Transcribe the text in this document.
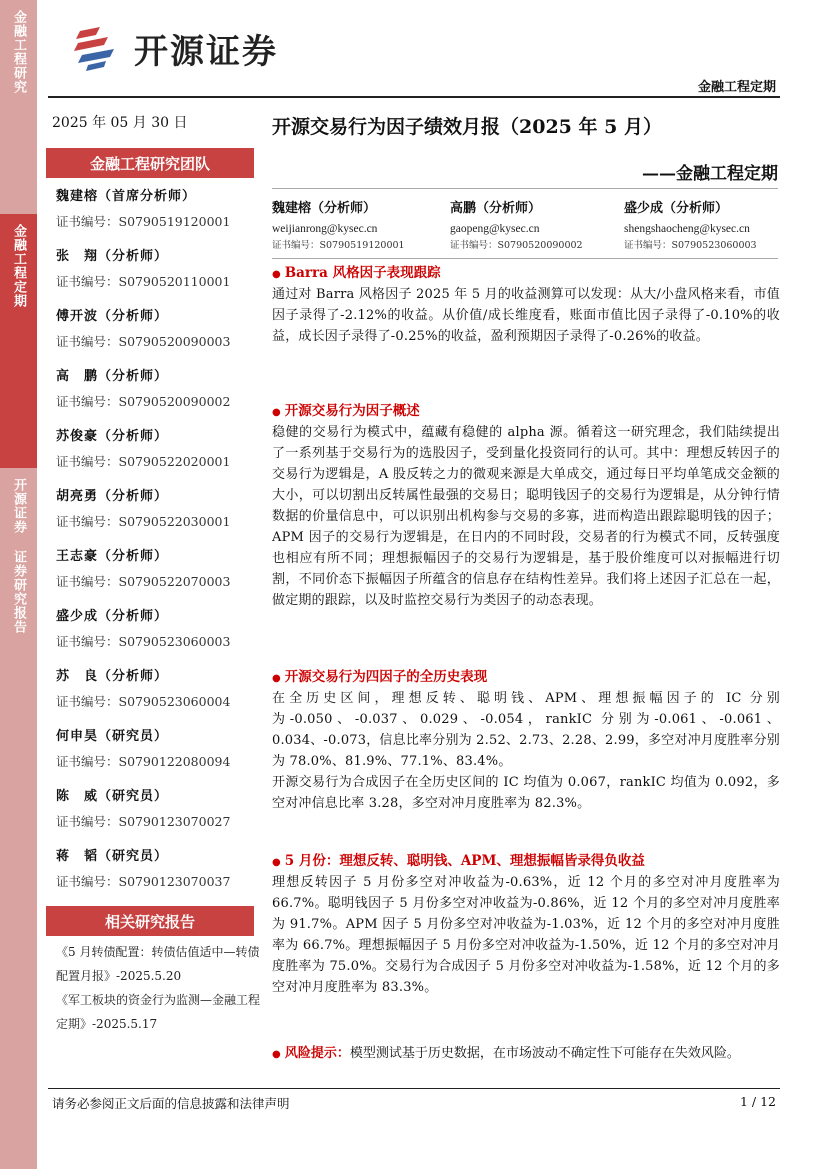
金融工程研究
金融工程定期
开源证券 证券研究报告
开源证券
金融工程定期
2025 年 05 月 30 日	开源交易行为因子绩效月报（2025 年 5 月）
——金融工程定期
金融工程研究团队
魏建榕（首席分析师）
证书编号：S0790519120001
张　翔（分析师）
证书编号：S0790520110001
傅开波（分析师）
证书编号：S0790520090003
高　鹏（分析师）
证书编号：S0790520090002
苏俊豪（分析师）
证书编号：S0790522020001
胡亮勇（分析师）
证书编号：S0790522030001
王志豪（分析师）
证书编号：S0790522070003
盛少成（分析师）
证书编号：S0790523060003
苏　良（分析师）
证书编号：S0790523060004
何申昊（研究员）
证书编号：S0790122080094
陈　威（研究员）
证书编号：S0790123070027
蒋　韬（研究员）
证书编号：S0790123070037
相关研究报告
《5 月转债配置：转债估值适中—转债配置月报》-2025.5.20
《军工板块的资金行为监测—金融工程定期》-2025.5.17
魏建榕（分析师）
weijianrong@kysec.cn
证书编号：S0790519120001
高鹏（分析师）
gaopeng@kysec.cn
证书编号：S0790520090002
盛少成（分析师）
shengshaocheng@kysec.cn
证书编号：S0790523060003
● Barra 风格因子表现跟踪
通过对 Barra 风格因子 2025 年 5 月的收益测算可以发现：从大/小盘风格来看，市值因子录得了-2.12%的收益。从价值/成长维度看，账面市值比因子录得了-0.10%的收益，成长因子录得了-0.25%的收益，盈利预期因子录得了-0.26%的收益。
● 开源交易行为因子概述
稳健的交易行为模式中，蕴藏有稳健的 alpha 源。循着这一研究理念，我们陆续提出了一系列基于交易行为的选股因子，受到量化投资同行的认可。其中：理想反转因子的交易行为逻辑是，A 股反转之力的微观来源是大单成交，通过每日平均单笔成交金额的大小，可以切割出反转属性最强的交易日；聪明钱因子的交易行为逻辑是，从分钟行情数据的价量信息中，可以识别出机构参与交易的多寡，进而构造出跟踪聪明钱的因子；APM 因子的交易行为逻辑是，在日内的不同时段，交易者的行为模式不同，反转强度也相应有所不同；理想振幅因子的交易行为逻辑是，基于股价维度可以对振幅进行切割，不同价态下振幅因子所蕴含的信息存在结构性差异。我们将上述因子汇总在一起，做定期的跟踪，以及时监控交易行为类因子的动态表现。
● 开源交易行为四因子的全历史表现
在全历史区间，理想反转、聪明钱、APM、理想振幅因子的 IC 分别为-0.050、-0.037、0.029、-0.054，rankIC 分别为-0.061、-0.061、0.034、-0.073，信息比率分别为 2.52、2.73、2.28、2.99，多空对冲月度胜率分别为 78.0%、81.9%、77.1%、83.4%。
开源交易行为合成因子在全历史区间的 IC 均值为 0.067，rankIC 均值为 0.092，多空对冲信息比率 3.28，多空对冲月度胜率为 82.3%。
● 5 月份：理想反转、聪明钱、APM、理想振幅皆录得负收益
理想反转因子 5 月份多空对冲收益为-0.63%，近 12 个月的多空对冲月度胜率为 66.7%。聪明钱因子 5 月份多空对冲收益为-0.86%，近 12 个月的多空对冲月度胜率为 91.7%。APM 因子 5 月份多空对冲收益为-1.03%，近 12 个月的多空对冲月度胜率为 66.7%。理想振幅因子 5 月份多空对冲收益为-1.50%，近 12 个月的多空对冲月度胜率为 75.0%。交易行为合成因子 5 月份多空对冲收益为-1.58%，近 12 个月的多空对冲月度胜率为 83.3%。
● 风险提示：模型测试基于历史数据，在市场波动不确定性下可能存在失效风险。
请务必参阅正文后面的信息披露和法律声明	1 / 12
